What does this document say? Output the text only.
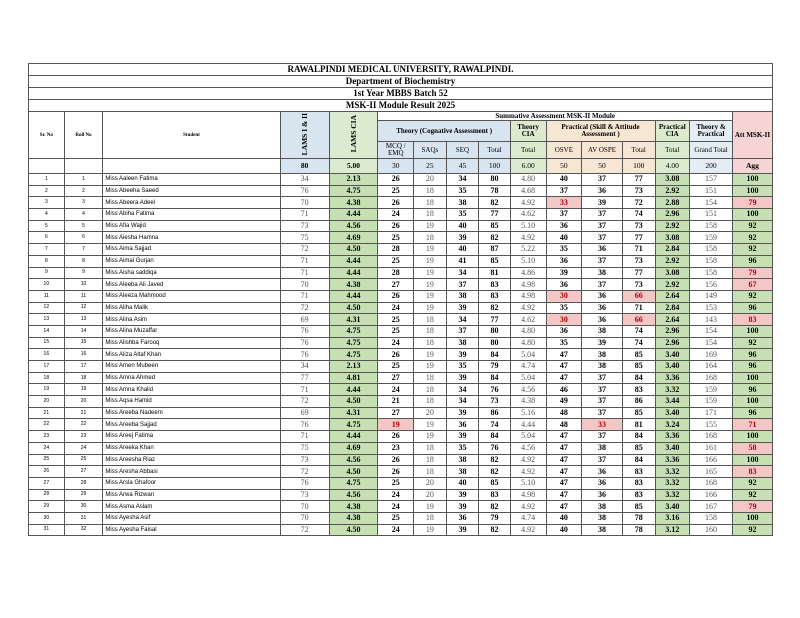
RAWALPINDI MEDICAL UNIVERSITY, RAWALPINDI.															
Department of Biochemistry															
1st Year MBBS Batch 52															
MSK-II Module Result 2025															
Sr. No	Roll No	Student	LAMS I & II	LAMS CIA	Summative Assessment MSK-II Module										Att MSK-II
					Theory (Cognative Assessment )				Theory CIA	Practical (Skill & Attitude Assessment )			Practical CIA	Theory & Practical	
					MCQ / EMQ	SAQs	SEQ	Total	Total	OSVE	AV OSPE	Total	Total	Grand Total	
			80	5.00	30	25	45	100	6.00	50	50	100	4.00	200	Agg
1	1	Miss Aaleen Fatima	34	2.13	26	20	34	80	4.80	40	37	77	3.08	157	100
2	2	Miss Abeeha Saeed	76	4.75	25	18	35	78	4.68	37	36	73	2.92	151	100
3	3	Miss Abeera Adeel	70	4.38	26	18	38	82	4.92	33	39	72	2.88	154	79
4	4	Miss Abiha Fatima	71	4.44	24	18	35	77	4.62	37	37	74	2.96	151	100
5	5	Miss Afia Wajid	73	4.56	26	19	40	85	5.10	36	37	73	2.92	158	92
6	6	Miss Aiesha Hamna	75	4.69	25	18	39	82	4.92	40	37	77	3.08	159	92
7	7	Miss Aima Sajjad	72	4.50	28	19	40	87	5.22	35	36	71	2.84	158	92
8	8	Miss Aimal Gurjan	71	4.44	25	19	41	85	5.10	36	37	73	2.92	158	96
9	9	Miss Aisha saddiqa	71	4.44	28	19	34	81	4.86	39	38	77	3.08	158	79
10	10	Miss Aleeba Ali Javed	70	4.38	27	19	37	83	4.98	36	37	73	2.92	156	67
11	11	Miss Aleeza Mahmood	71	4.44	26	19	38	83	4.98	30	36	66	2.64	149	92
12	12	Miss Aliha Malik	72	4.50	24	19	39	82	4.92	35	36	71	2.84	153	96
13	13	Miss Alina Asim	69	4.31	25	18	34	77	4.62	30	36	66	2.64	143	83
14	14	Miss Alina Muzaffar	76	4.75	25	18	37	80	4.80	36	38	74	2.96	154	100
15	15	Miss Alishba Farooq	76	4.75	24	18	38	80	4.80	35	39	74	2.96	154	92
16	16	Miss Aliza Altaf Khan	76	4.75	26	19	39	84	5.04	47	38	85	3.40	169	96
17	17	Miss Amen Mubeen	34	2.13	25	19	35	79	4.74	47	38	85	3.40	164	96
18	18	Miss Amna Ahmed	77	4.81	27	18	39	84	5.04	47	37	84	3.36	168	100
19	19	Miss Amna Khalid	71	4.44	24	18	34	76	4.56	46	37	83	3.32	159	96
20	20	Miss Aqsa Hamid	72	4.50	21	18	34	73	4.38	49	37	86	3.44	159	100
21	21	Miss Areeba Nadeem	69	4.31	27	20	39	86	5.16	48	37	85	3.40	171	96
22	22	Miss Areeba Sajjad	76	4.75	19	19	36	74	4.44	48	33	81	3.24	155	71
23	23	Miss Areej Fatima	71	4.44	26	19	39	84	5.04	47	37	84	3.36	168	100
24	24	Miss Areeka Khan	75	4.69	23	18	35	76	4.56	47	38	85	3.40	161	58
25	25	Miss Areesha Riaz	73	4.56	26	18	38	82	4.92	47	37	84	3.36	166	100
26	27	Miss Aresha Abbasi	72	4.50	26	18	38	82	4.92	47	36	83	3.32	165	83
27	28	Miss Arsla Ghafoor	76	4.75	25	20	40	85	5.10	47	36	83	3.32	168	92
28	29	Miss Arwa Rizwan	73	4.56	24	20	39	83	4.98	47	36	83	3.32	166	92
29	30	Miss Asma Aslam	70	4.38	24	19	39	82	4.92	47	38	85	3.40	167	79
30	31	Miss Ayesha Asif	70	4.38	25	18	36	79	4.74	40	38	78	3.16	158	100
31	32	Miss Ayesha Faisal	72	4.50	24	19	39	82	4.92	40	38	78	3.12	160	92
